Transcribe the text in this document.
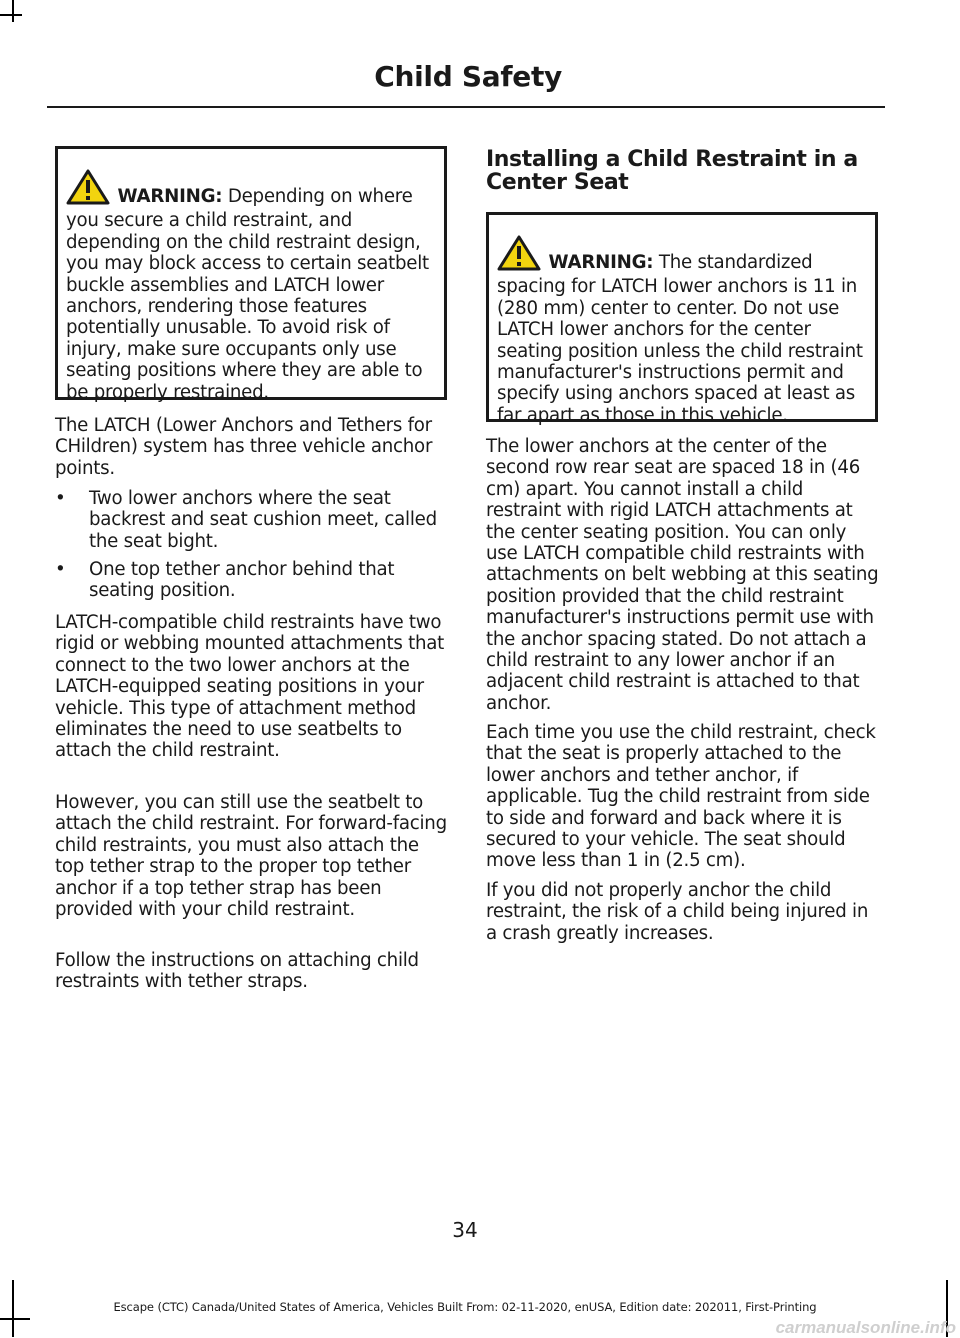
Child Safety
WARNING: Depending on where you secure a child restraint, and depending on the child restraint design, you may block access to certain seatbelt buckle assemblies and LATCH lower anchors, rendering those features potentially unusable. To avoid risk of injury, make sure occupants only use seating positions where they are able to be properly restrained.
The LATCH (Lower Anchors and Tethers for CHildren) system has three vehicle anchor points.
• Two lower anchors where the seat backrest and seat cushion meet, called the seat bight.
• One top tether anchor behind that seating position.
LATCH-compatible child restraints have two rigid or webbing mounted attachments that connect to the two lower anchors at the LATCH-equipped seating positions in your vehicle. This type of attachment method eliminates the need to use seatbelts to attach the child restraint.
However, you can still use the seatbelt to attach the child restraint. For forward-facing child restraints, you must also attach the top tether strap to the proper top tether anchor if a top tether strap has been provided with your child restraint.
Follow the instructions on attaching child restraints with tether straps.
Installing a Child Restraint in a Center Seat
WARNING: The standardized spacing for LATCH lower anchors is 11 in (280 mm) center to center. Do not use LATCH lower anchors for the center seating position unless the child restraint manufacturer's instructions permit and specify using anchors spaced at least as far apart as those in this vehicle.
The lower anchors at the center of the second row rear seat are spaced 18 in (46 cm) apart. You cannot install a child restraint with rigid LATCH attachments at the center seating position. You can only use LATCH compatible child restraints with attachments on belt webbing at this seating position provided that the child restraint manufacturer's instructions permit use with the anchor spacing stated. Do not attach a child restraint to any lower anchor if an adjacent child restraint is attached to that anchor.
Each time you use the child restraint, check that the seat is properly attached to the lower anchors and tether anchor, if applicable. Tug the child restraint from side to side and forward and back where it is secured to your vehicle. The seat should move less than 1 in (2.5 cm).
If you did not properly anchor the child restraint, the risk of a child being injured in a crash greatly increases.
34
Escape (CTC) Canada/United States of America, Vehicles Built From: 02-11-2020, enUSA, Edition date: 202011, First-Printing
carmanualsonline.info
